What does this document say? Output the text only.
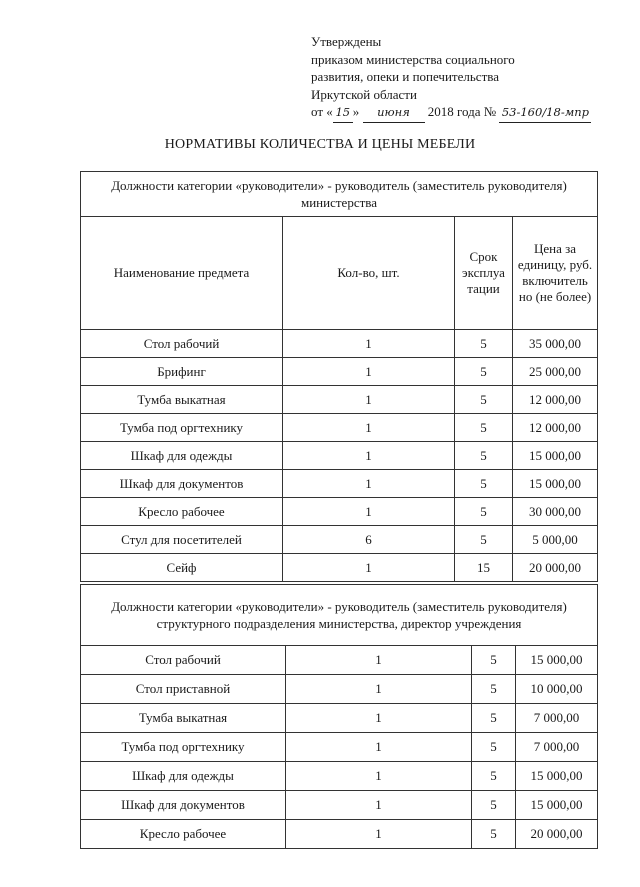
Утверждены
приказом министерства социального
развития, опеки и попечительства
Иркутской области
от « 15 » июня 2018 года № 53-160/18-мпр
НОРМАТИВЫ КОЛИЧЕСТВА И ЦЕНЫ МЕБЕЛИ
Должности категории «руководители» - руководитель (заместитель руководителя) министерства			
Наименование предмета	Кол-во, шт.	Срок эксплуа тации	Цена за единицу, руб. включитель но (не более)
Стол рабочий	1	5	35 000,00
Брифинг	1	5	25 000,00
Тумба выкатная	1	5	12 000,00
Тумба под оргтехнику	1	5	12 000,00
Шкаф для одежды	1	5	15 000,00
Шкаф для документов	1	5	15 000,00
Кресло рабочее	1	5	30 000,00
Стул для посетителей	6	5	5 000,00
Сейф	1	15	20 000,00
Должности категории «руководители» - руководитель (заместитель руководителя) структурного подразделения министерства, директор учреждения			
Стол рабочий	1	5	15 000,00
Стол приставной	1	5	10 000,00
Тумба выкатная	1	5	7 000,00
Тумба под оргтехнику	1	5	7 000,00
Шкаф для одежды	1	5	15 000,00
Шкаф для документов	1	5	15 000,00
Кресло рабочее	1	5	20 000,00
